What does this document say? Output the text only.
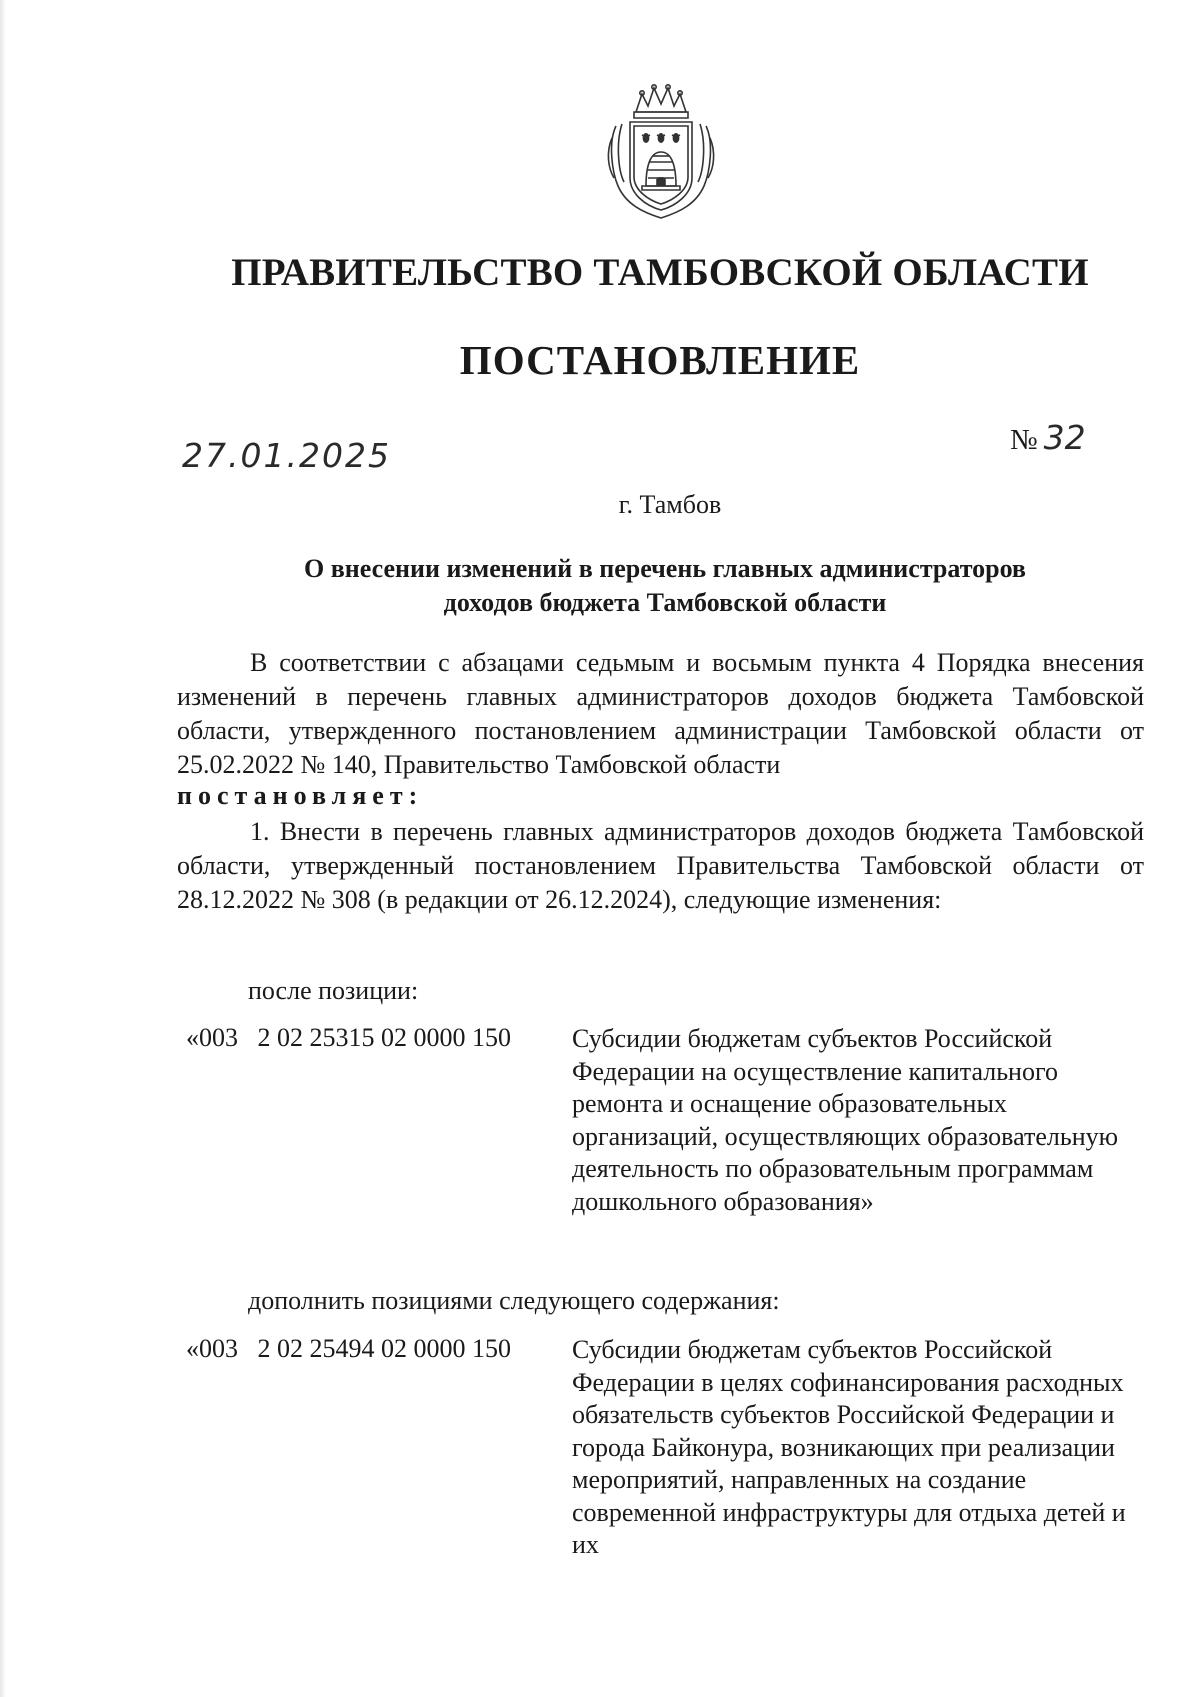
ПРАВИТЕЛЬСТВО ТАМБОВСКОЙ ОБЛАСТИ
ПОСТАНОВЛЕНИЕ
27.01.2025	№ 32
г. Тамбов
О внесении изменений в перечень главных администраторов
доходов бюджета Тамбовской области
В соответствии с абзацами седьмым и восьмым пункта 4 Порядка внесения изменений в перечень главных администраторов доходов бюджета Тамбовской области, утвержденного постановлением администрации Тамбовской области от 25.02.2022 № 140, Правительство Тамбовской области
постановляет:
1. Внести в перечень главных администраторов доходов бюджета Тамбовской области, утвержденный постановлением Правительства Тамбовской области от 28.12.2022 № 308 (в редакции от 26.12.2024), следующие изменения:
после позиции:
«003   2 02 25315 02 0000 150 Субсидии бюджетам субъектов Российской Федерации на осуществление капитального ремонта и оснащение образовательных организаций, осуществляющих образовательную деятельность по образовательным программам дошкольного образования»
дополнить позициями следующего содержания:
«003   2 02 25494 02 0000 150 Субсидии бюджетам субъектов Российской Федерации в целях софинансирования расходных обязательств субъектов Российской Федерации и города Байконура, возникающих при реализации мероприятий, направленных на создание современной инфраструктуры для отдыха детей и их
